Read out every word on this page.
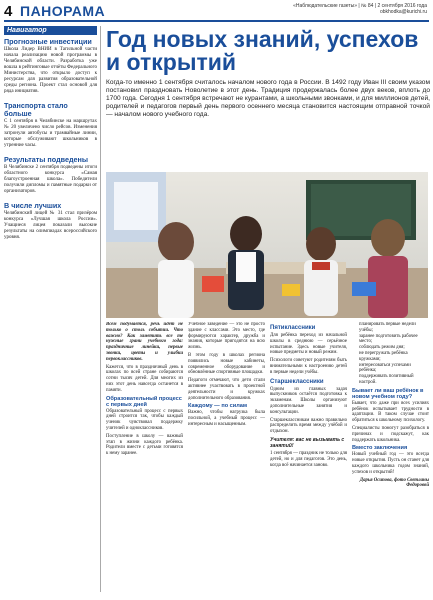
4 ПАНОРАМА	«Наблюдательские газеты» | № 84 | 2 сентября 2016 года
obkhodka@kurichi.ru
Навигатор
Прогнозные инвестиции

Школа Лидер ВНИИ в Тагильной части начала реализацию новой программы в Челябинской области. Разработка уже вошла в рейтинговые отчёты Федерального Министерства, что открыло доступ к ресурсам для развития образовательной среды региона. Проект стал основой для ряда инициатив.

Транспорта стало больше

С 1 сентября в Челябинске на маршрутах № 20 увеличено число рейсов. Изменения затронули автобусы и трамвайные линии, которые обслуживают школьников в утренние часы.

Результаты подведены

В Челябинске 2 сентября подведены итоги областного конкурса «Самая благоустроенная школа». Победители получили дипломы и памятные подарки от организаторов.

В числе лучших

Челябинский лицей № 31 стал призёром конкурса «Лучшая школа России». Учащиеся лицея показали высокие результаты на олимпиадах всероссийского уровня.

Год новых знаний, успехов и открытий

Когда-то именно 1 сентября считалось началом нового года в России. В 1492 году Иван III своим указом постановил праздновать Новолетие в этот день. Традиция продержалась более двух веков, вплоть до 1700 года. Сегодня 1 сентября встречают не курантами, а школьными звонками, и для миллионов детей, родителей и педагогов первый день первого осеннего месяца становится настоящим отправной точкой — началом нового учебного года.

Всем подумается, речь идёт не только о столь событии. Что важно? Как заметить все те нужные грани учебного года: праздничные линейки, первые звонки, цветы и улыбки первоклассников.

Кажется, что в праздничный день в школах по всей стране собираются сотни тысяч детей. Для многих из них этот день навсегда останется в памяти.

Образовательный процесс с первых дней

Образовательный процесс с первых дней строится так, чтобы каждый ученик чувствовал поддержку учителей и одноклассников.

Поступление в школу — важный этап в жизни каждого ребёнка. Родители вместе с детьми готовятся к нему заранее.

Учебное заведение — это не просто здание с классами. Это место, где формируются характер, дружба и знания, которые пригодятся на всю жизнь.

В этом году в школах региона появились новые кабинеты, современное оборудование и обновлённые спортивные площадки.

Педагоги отмечают, что дети стали активнее участвовать в проектной деятельности и кружках дополнительного образования.

Каждому — по силам

Важно, чтобы нагрузка была посильной, а учебный процесс — интересным и насыщенным.

Пятиклассники

Для ребёнка переход из начальной школы в среднюю — серьёзное испытание. Здесь новые учителя, новые предметы и новый режим.

Психологи советуют родителям быть внимательными к настроению детей в первые недели учёбы.

Старшеклассники

Одним из главных задач выпускников остаётся подготовка к экзаменам. Школы организуют дополнительные занятия и консультации.

Старшеклассникам важно правильно распределить время между учёбой и отдыхом.

Учителя: вас не вызывать с занятий!

1 сентября — праздник не только для детей, но и для педагогов. Это день, когда всё начинается заново.

• планировать первые недели учёбы;
• заранее подготовить рабочее место;
• соблюдать режим дня;
• не перегружать ребёнка кружками;
• интересоваться успехами ребёнка;
• поддерживать позитивный настрой.
Бывает ли ваш ребёнок в новом учебном году?

Бывает, что даже при всех усилиях ребёнок испытывает трудности в адаптации. В таком случае стоит обратиться к школьному психологу.

Специалисты помогут разобраться в причинах и подскажут, как поддержать школьника.

Вместо заключения

Новый учебный год — это всегда новые открытия. Пусть он станет для каждого школьника годом знаний, успехов и открытий!

Дарья Осипова, фото Светланы Федоровой
